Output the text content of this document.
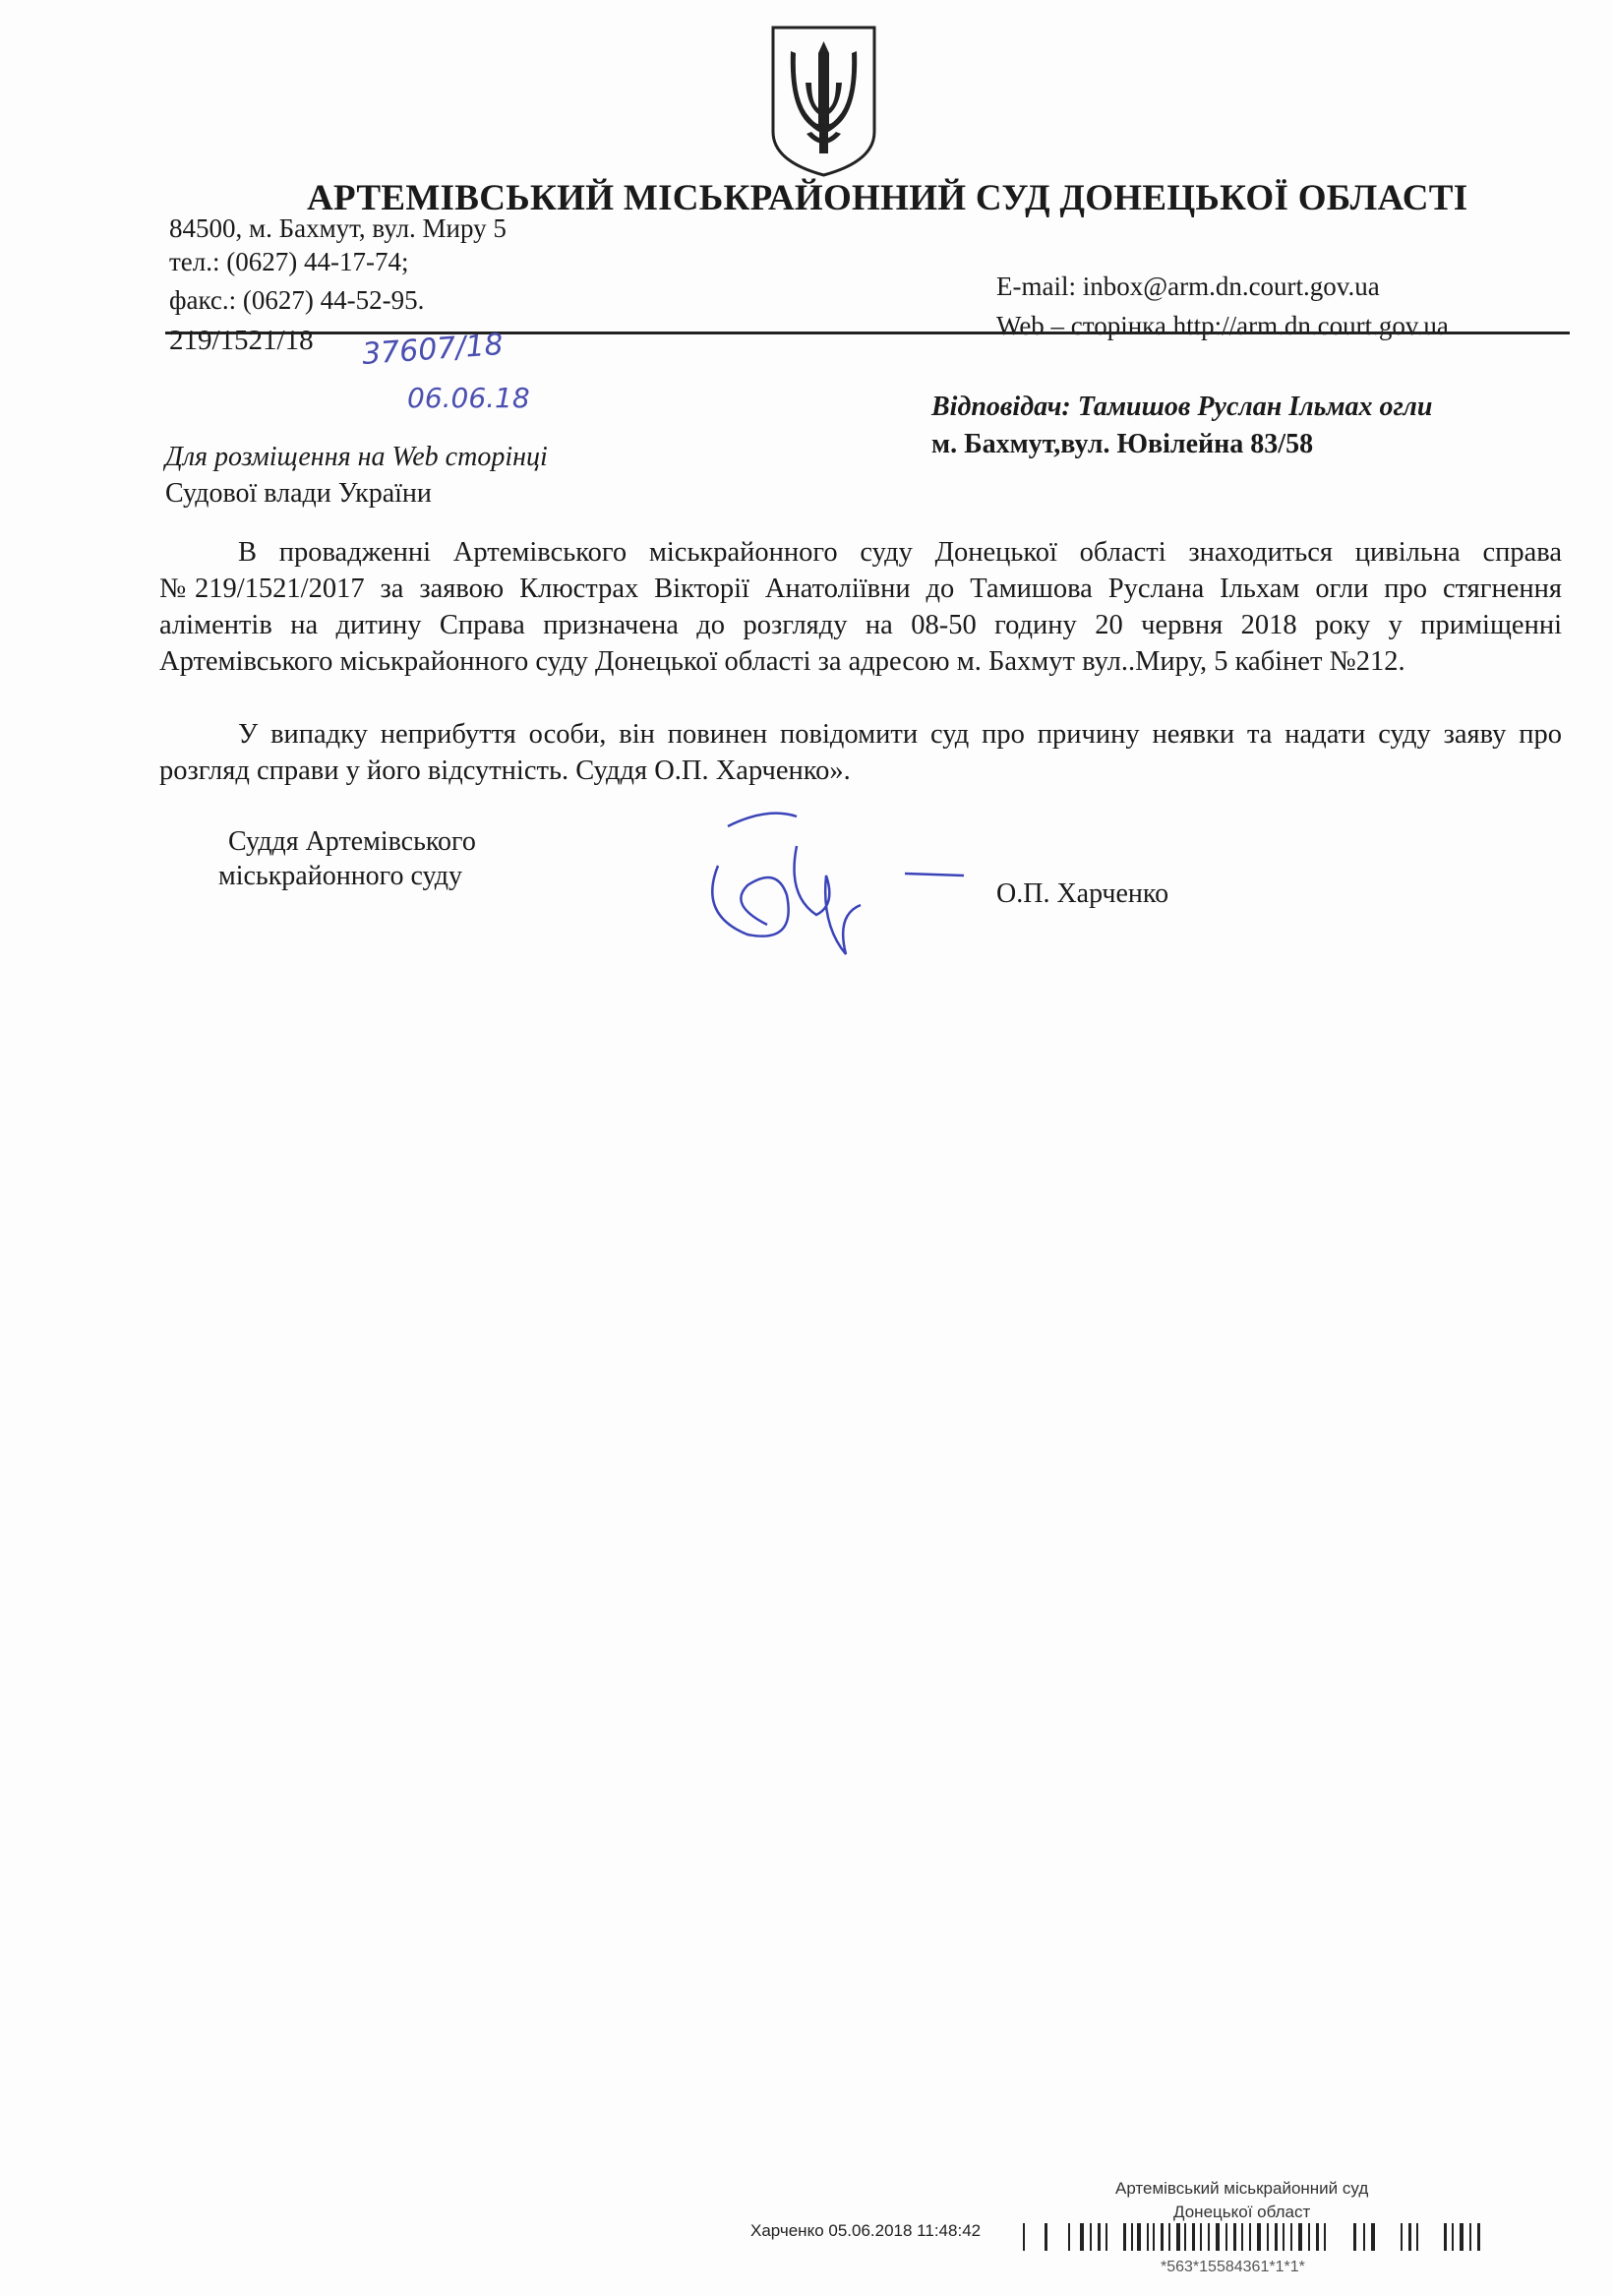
АРТЕМІВСЬКИЙ МІСЬКРАЙОННИЙ СУД ДОНЕЦЬКОЇ ОБЛАСТІ
84500, м. Бахмут, вул. Миру 5
тел.: (0627) 44-17-74;
факс.: (0627) 44-52-95.	E-mail: inbox@arm.dn.court.gov.ua
Web – сторінка http://arm.dn.court.gov.ua
219/1521/18 37607/18
06.06.18	Відповідач: Тамишов Руслан Ільмах огли
м. Бахмут,вул. Ювілейна 83/58
Для розміщення на Web сторінці
Судової влади України

В провадженні Артемівського міськрайонного суду Донецької області знаходиться цивільна справа №219/1521/2017 за заявою Клюстрах Вікторії Анатоліївни до Тамишова Руслана Ільхам огли про стягнення аліментів на дитину Справа призначена до розгляду на 08-50 годину 20 червня 2018 року у приміщенні Артемівського міськрайонного суду Донецької області за адресою м. Бахмут вул..Миру, 5 кабінет №212.

У випадку неприбуття особи, він повинен повідомити суд про причину неявки та надати суду заяву про розгляд справи у його відсутність. Суддя О.П. Харченко».

Суддя Артемівського
міськрайонного суду
О.П. Харченко
Артемівський міськрайонний суд
Донецької област
Харченко 05.06.2018 11:48:42
*563*15584361*1*1*
